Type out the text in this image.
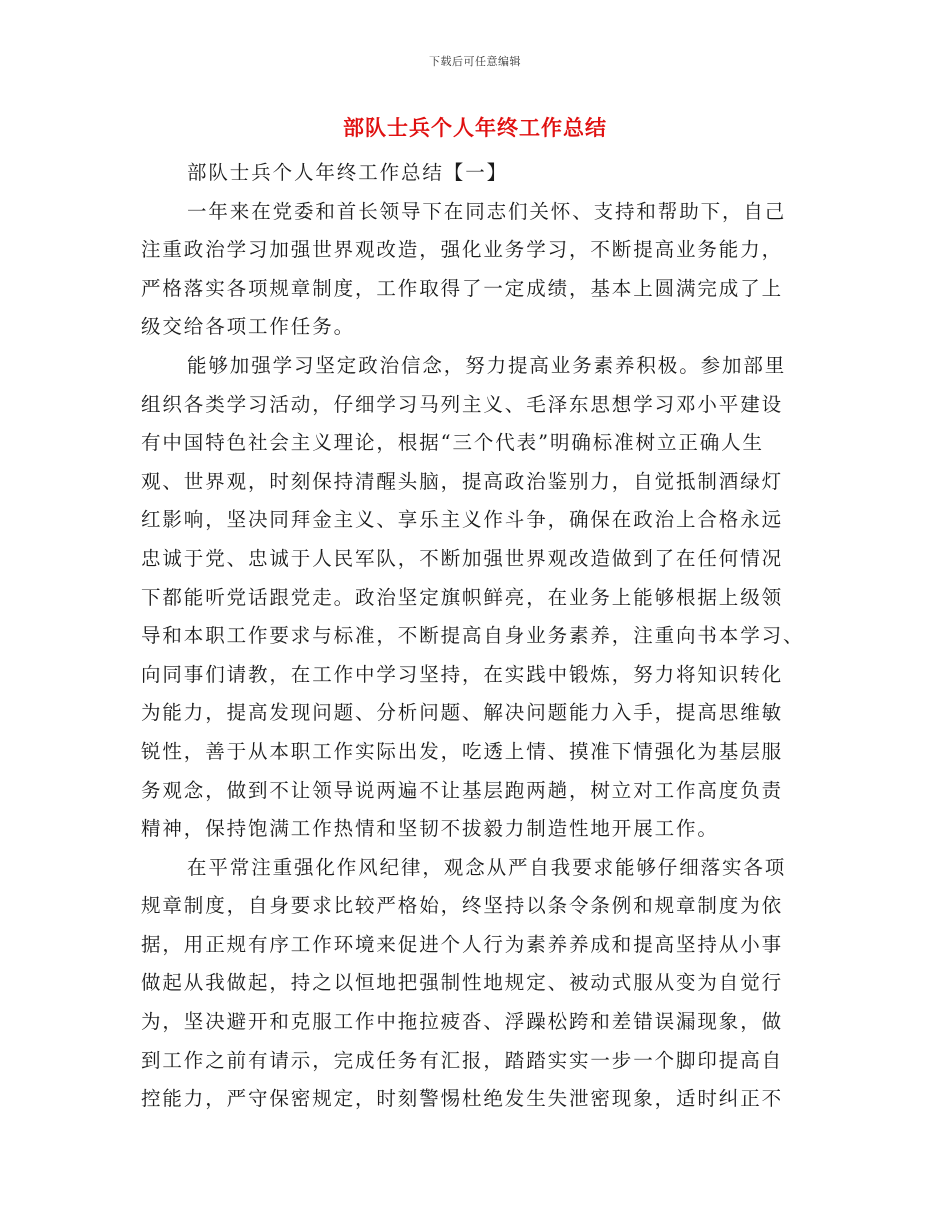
下载后可任意编辑
部队士兵个人年终工作总结
部队士兵个人年终工作总结【一】
一年来在党委和首长领导下在同志们关怀、支持和帮助下，自己
注重政治学习加强世界观改造，强化业务学习，不断提高业务能力，
严格落实各项规章制度，工作取得了一定成绩，基本上圆满完成了上
级交给各项工作任务。
能够加强学习坚定政治信念，努力提高业务素养积极。参加部里
组织各类学习活动，仔细学习马列主义、毛泽东思想学习邓小平建设
有中国特色社会主义理论，根据“三个代表”明确标准树立正确人生
观、世界观，时刻保持清醒头脑，提高政治鉴别力，自觉抵制酒绿灯
红影响，坚决同拜金主义、享乐主义作斗争，确保在政治上合格永远
忠诚于党、忠诚于人民军队，不断加强世界观改造做到了在任何情况
下都能听党话跟党走。政治坚定旗帜鲜亮，在业务上能够根据上级领
导和本职工作要求与标准，不断提高自身业务素养，注重向书本学习、
向同事们请教，在工作中学习坚持，在实践中锻炼，努力将知识转化
为能力，提高发现问题、分析问题、解决问题能力入手，提高思维敏
锐性，善于从本职工作实际出发，吃透上情、摸准下情强化为基层服
务观念，做到不让领导说两遍不让基层跑两趟，树立对工作高度负责
精神，保持饱满工作热情和坚韧不拔毅力制造性地开展工作。
在平常注重强化作风纪律，观念从严自我要求能够仔细落实各项
规章制度，自身要求比较严格始，终坚持以条令条例和规章制度为依
据，用正规有序工作环境来促进个人行为素养养成和提高坚持从小事
做起从我做起，持之以恒地把强制性地规定、被动式服从变为自觉行
为，坚决避开和克服工作中拖拉疲沓、浮躁松跨和差错误漏现象，做
到工作之前有请示，完成任务有汇报，踏踏实实一步一个脚印提高自
控能力，严守保密规定，时刻警惕杜绝发生失泄密现象，适时纠正不
